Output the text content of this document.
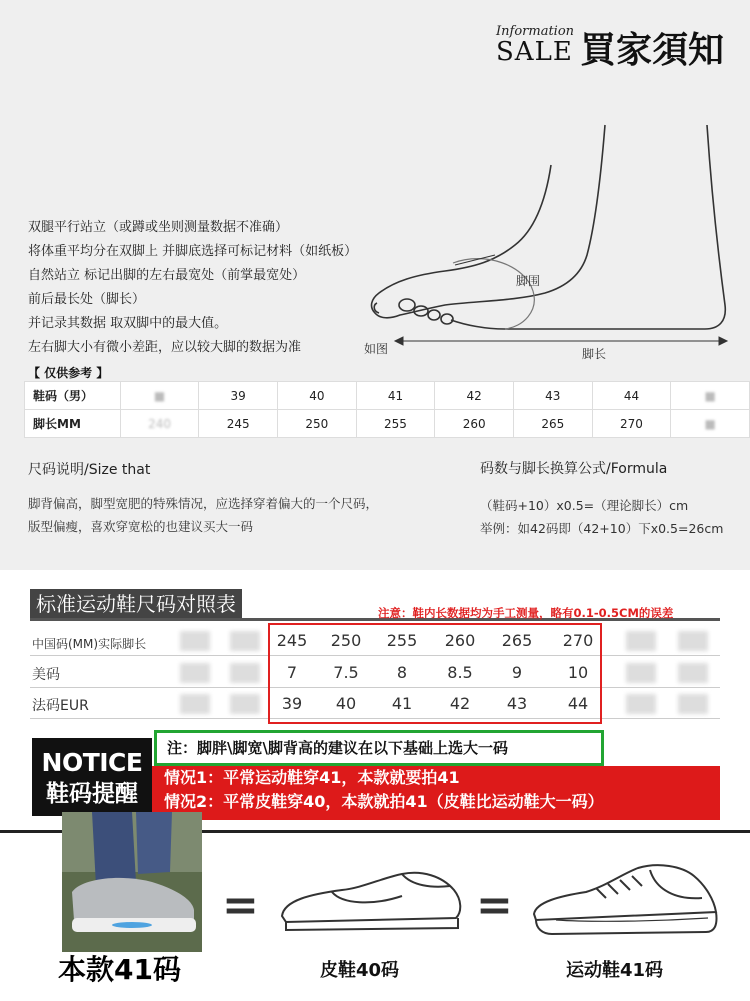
Information
SALE 買家須知
脚围
脚长
如图
双腿平行站立（或蹲或坐则测量数据不准确）
将体重平均分在双脚上 并脚底选择可标记材料（如纸板）
自然站立 标记出脚的左右最宽处（前掌最宽处）
前后最长处（脚长）
并记录其数据 取双脚中的最大值。
左右脚大小有微小差距，应以较大脚的数据为准
【 仅供参考 】
鞋码（男）	■	39	40	41	42	43	44	■
脚长MM	240	245	250	255	260	265	270	■
尺码说明/Size that
脚背偏高，脚型宽肥的特殊情况，应选择穿着偏大的一个尺码，
版型偏瘦，喜欢穿宽松的也建议买大一码
码数与脚长换算公式/Formula
（鞋码+10）x0.5=（理论脚长）cm
举例：如42码即（42+10）下x0.5=26cm
标准运动鞋尺码对照表	注意：鞋内长数据均为手工测量，略有0.1-0.5CM的误差
中国码(MM)实际脚长	245	250	255	260	265	270
美码	7	7.5	8	8.5	9	10
法码EUR	39	40	41	42	43	44
注：脚胖\脚宽\脚背高的建议在以下基础上选大一码
NOTICE
鞋码提醒
情况1：平常运动鞋穿41，本款就要拍41
情况2：平常皮鞋穿40，本款就拍41（皮鞋比运动鞋大一码）
本款41码
=
皮鞋40码
=
运动鞋41码
